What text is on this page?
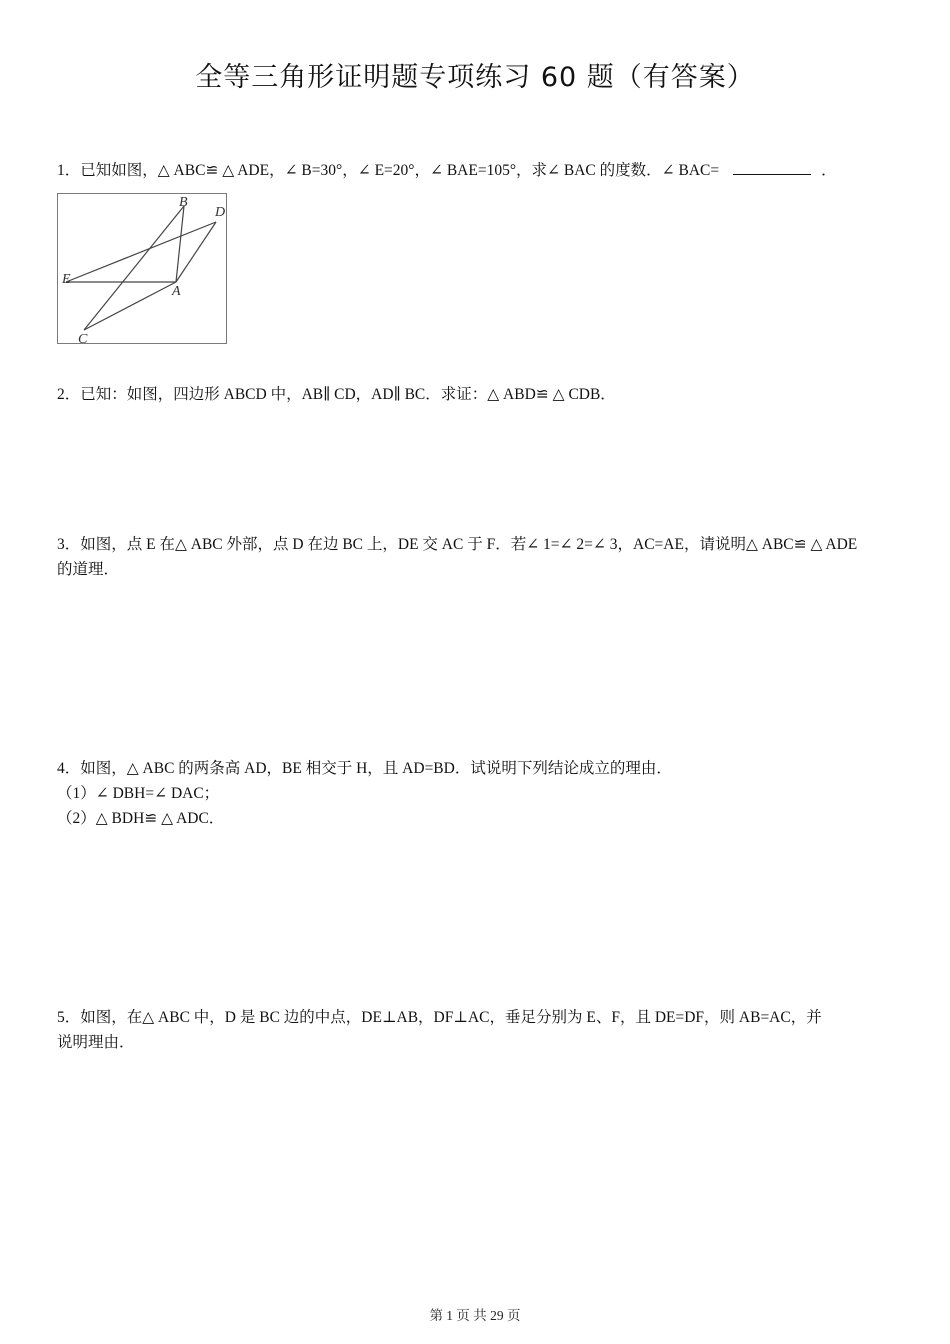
全等三角形证明题专项练习 60 题（有答案）
1．已知如图，△ ABC≌ △ ADE，∠ B=30°，∠ E=20°，∠ BAE=105°，求∠ BAC 的度数．∠ BAC=	．
B
D
E
A
C
2．已知：如图，四边形 ABCD 中，AB∥ CD，AD∥ BC．求证：△ ABD≌ △ CDB．
3．如图，点 E 在△ ABC 外部，点 D 在边 BC 上，DE 交 AC 于 F．若∠ 1=∠ 2=∠ 3，AC=AE，请说明△ ABC≌ △ ADE
的道理．
4．如图，△ ABC 的两条高 AD，BE 相交于 H，且 AD=BD．试说明下列结论成立的理由．
（1）∠ DBH=∠ DAC；
（2）△ BDH≌ △ ADC．
5．如图，在△ ABC 中，D 是 BC 边的中点，DE⊥AB，DF⊥AC，垂足分别为 E、F，且 DE=DF，则 AB=AC，并
说明理由．
第 1 页 共 29 页
